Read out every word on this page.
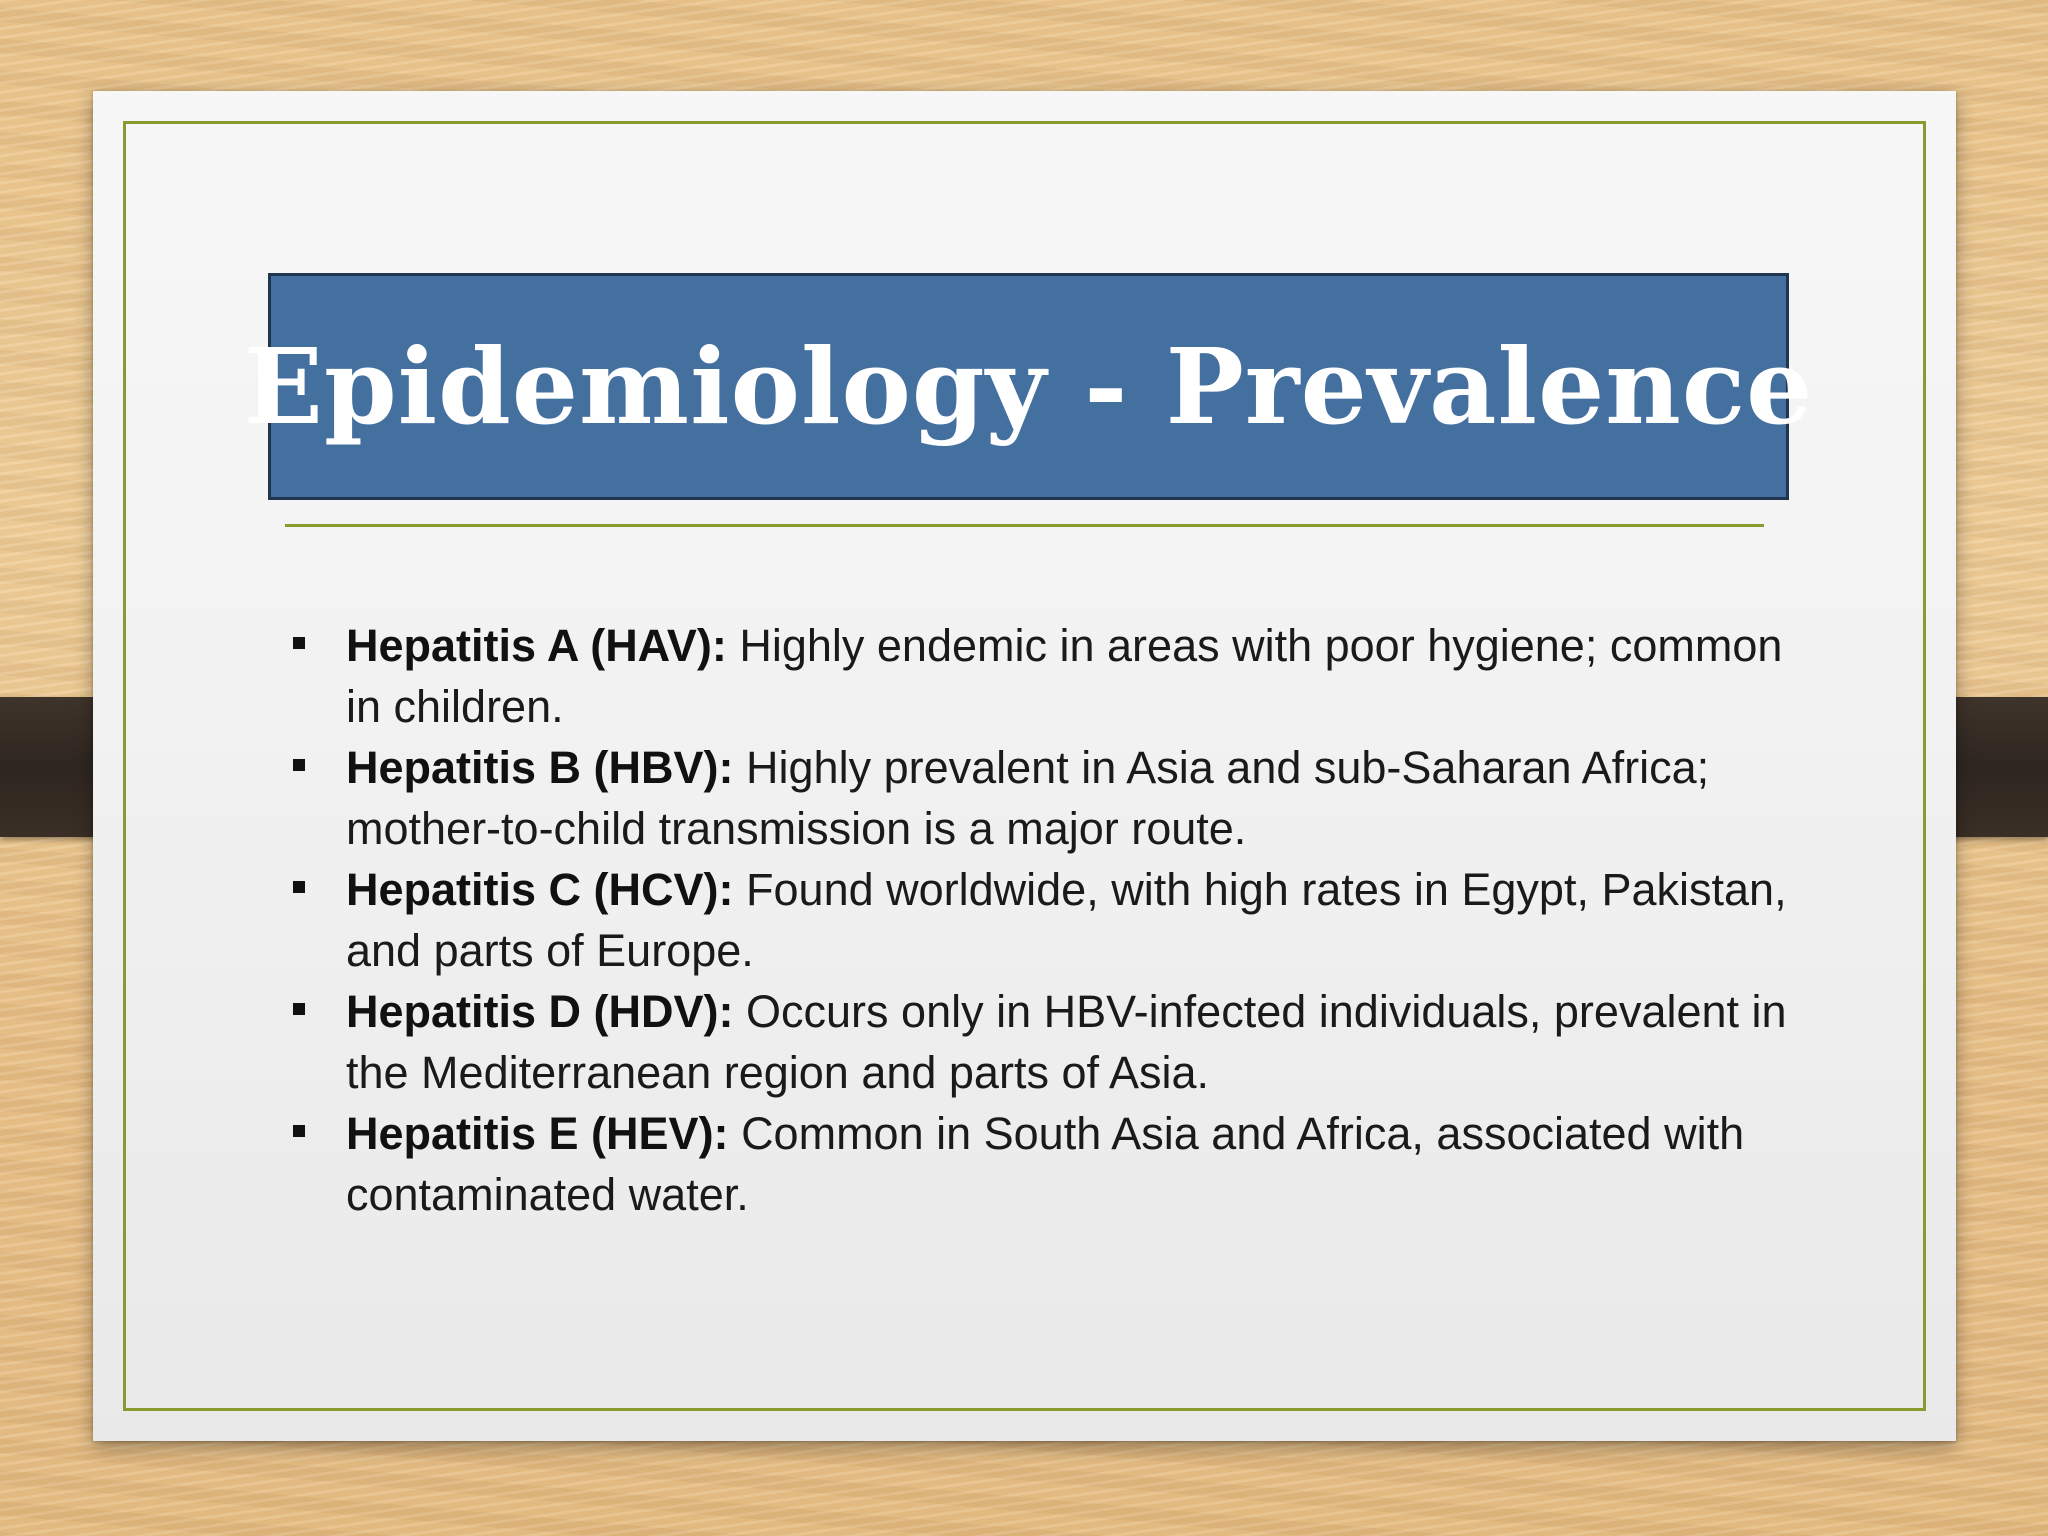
Epidemiology - Prevalence
Hepatitis A (HAV): Highly endemic in areas with poor hygiene; common in children.
Hepatitis B (HBV): Highly prevalent in Asia and sub-Saharan Africa; mother-to-child transmission is a major route.
Hepatitis C (HCV): Found worldwide, with high rates in Egypt, Pakistan, and parts of Europe.
Hepatitis D (HDV): Occurs only in HBV-infected individuals, prevalent in the Mediterranean region and parts of Asia.
Hepatitis E (HEV): Common in South Asia and Africa, associated with contaminated water.
